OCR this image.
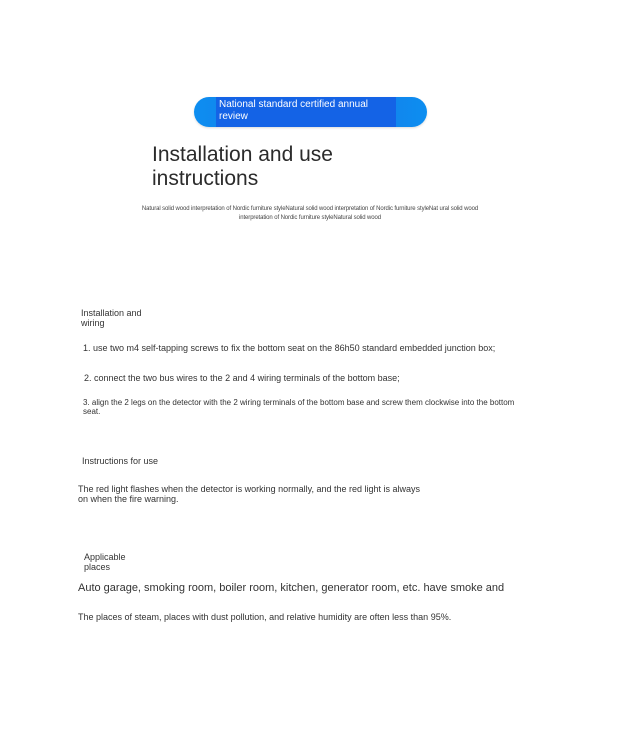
National standard certified annual review
Installation and use instructions
Natural solid wood interpretation of Nordic furniture styleNatural solid wood interpretation of Nordic furniture styleNat ural solid wood interpretation of Nordic furniture styleNatural solid wood
Installation and wiring
1. use two m4 self-tapping screws to fix the bottom seat on the 86h50 standard embedded junction box;
2. connect the two bus wires to the 2 and 4 wiring terminals of the bottom base;
3. align the 2 legs on the detector with the 2 wiring terminals of the bottom base and screw them clockwise into the bottom seat.
Instructions for use
The red light flashes when the detector is working normally, and the red light is always on when the fire warning.
Applicable places
Auto garage, smoking room, boiler room, kitchen, generator room, etc. have smoke and
The places of steam, places with dust pollution, and relative humidity are often less than 95%.
